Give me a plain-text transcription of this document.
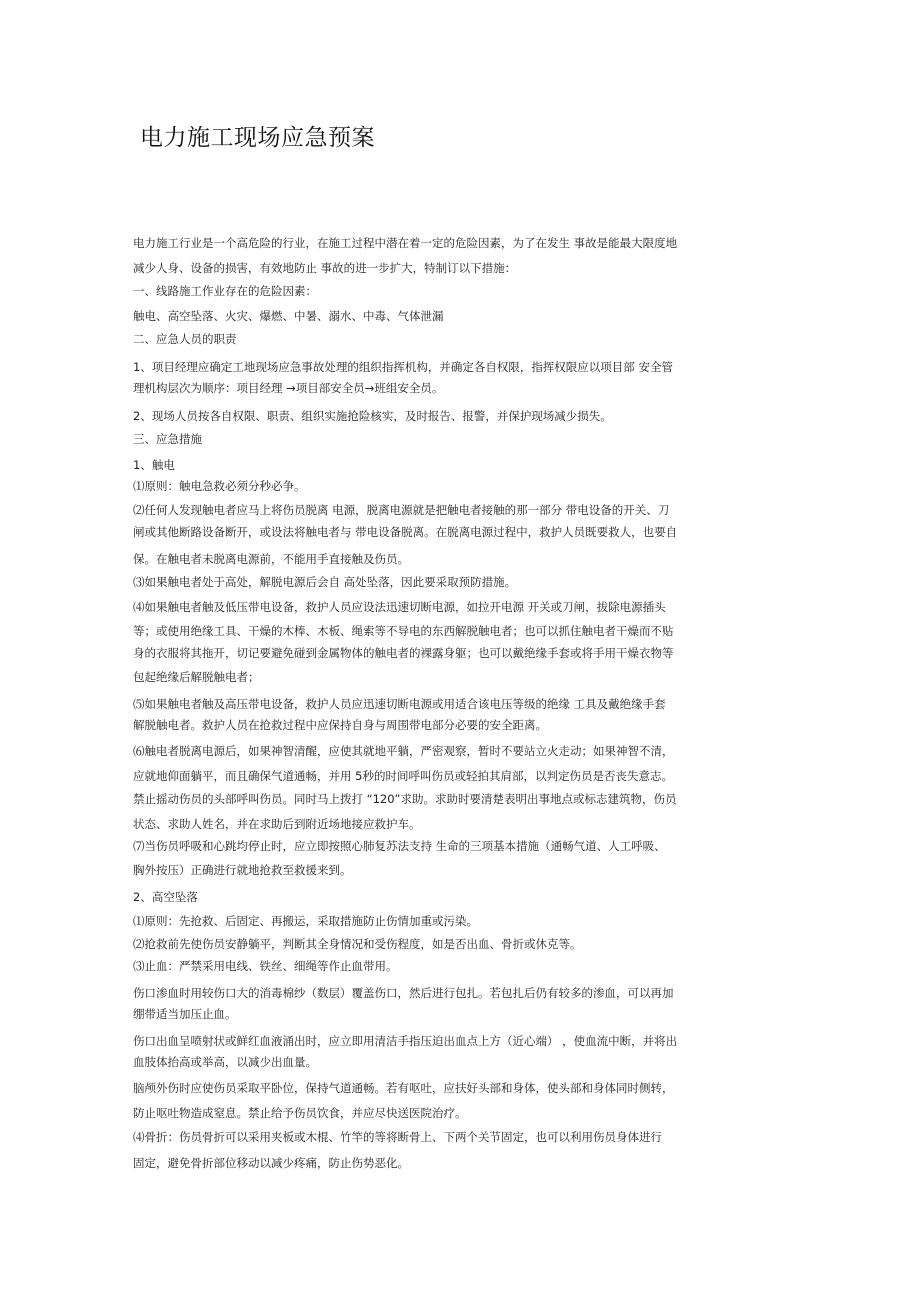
电力施工现场应急预案
电力施工行业是一个高危险的行业，在施工过程中潜在着一定的危险因素，为了在发生 事故是能最大限度地
减少人身、设备的损害，有效地防止 事故的进一步扩大，特制订以下措施：
一、线路施工作业存在的危险因素：
触电、高空坠落、火灾、爆燃、中暑、溺水、中毒、气体泄漏
二、应急人员的职责
1、项目经理应确定工地现场应急事故处理的组织指挥机构，并确定各自权限，指挥权限应以项目部 安全管
理机构层次为顺序：项目经理 →项目部安全员→班组安全员。
2、现场人员按各自权限、职责、组织实施抢险核实，及时报告、报警，并保护现场减少损失。
三、应急措施
1、触电
⑴原则：触电急救必须分秒必争。
⑵任何人发现触电者应马上将伤员脱离 电源，脱离电源就是把触电者接触的那一部分 带电设备的开关、刀
闸或其他断路设备断开，或设法将触电者与 带电设备脱离。在脱离电源过程中，救护人员既要救人，也要自
保。在触电者未脱离电源前，不能用手直接触及伤员。
⑶如果触电者处于高处，解脱电源后会自 高处坠落，因此要采取预防措施。
⑷如果触电者触及低压带电设备，救护人员应设法迅速切断电源，如拉开电源 开关或刀闸，拔除电源插头
等；或使用绝缘工具、干燥的木棒、木板、绳索等不导电的东西解脱触电者；也可以抓住触电者干燥而不贴
身的衣服将其拖开，切记要避免碰到金属物体的触电者的裸露身躯；也可以戴绝缘手套或将手用干燥衣物等
包起绝缘后解脱触电者；
⑸如果触电者触及高压带电设备，救护人员应迅速切断电源或用适合该电压等级的绝缘 工具及戴绝缘手套
解脱触电者。救护人员在抢救过程中应保持自身与周围带电部分必要的安全距离。
⑹触电者脱离电源后，如果神智清醒，应使其就地平躺，严密观察，暂时不要站立火走动；如果神智不清，
应就地仰面躺平，而且确保气道通畅，并用 5秒的时间呼叫伤员或轻拍其肩部，以判定伤员是否丧失意志。
禁止摇动伤员的头部呼叫伤员。同时马上拨打 “120”求助。求助时要清楚表明出事地点或标志建筑物，伤员
状态、求助人姓名，并在求助后到附近场地接应救护车。
⑺当伤员呼吸和心跳均停止时，应立即按照心肺复苏法支持 生命的三项基本措施（通畅气道、人工呼吸、
胸外按压）正确进行就地抢救至救援来到。
2、高空坠落
⑴原则：先抢救、后固定、再搬运，采取措施防止伤情加重或污染。
⑵抢救前先使伤员安静躺平，判断其全身情况和受伤程度，如是否出血、骨折或休克等。
⑶止血：严禁采用电线、铁丝、细绳等作止血带用。
伤口渗血时用较伤口大的消毒棉纱（数层）覆盖伤口，然后进行包扎。若包扎后仍有较多的渗血，可以再加
绷带适当加压止血。
伤口出血呈喷射状或鲜红血液涌出时，应立即用清洁手指压迫出血点上方（近心端） ，使血流中断，并将出
血肢体抬高或举高，以减少出血量。
脑颅外伤时应使伤员采取平卧位，保持气道通畅。若有呕吐，应扶好头部和身体，使头部和身体同时侧转，
防止呕吐物造成窒息。禁止给予伤员饮食，并应尽快送医院治疗。
⑷骨折：伤员骨折可以采用夹板或木棍、竹竿的等将断骨上、下两个关节固定，也可以利用伤员身体进行
固定，避免骨折部位移动以减少疼痛，防止伤势恶化。
